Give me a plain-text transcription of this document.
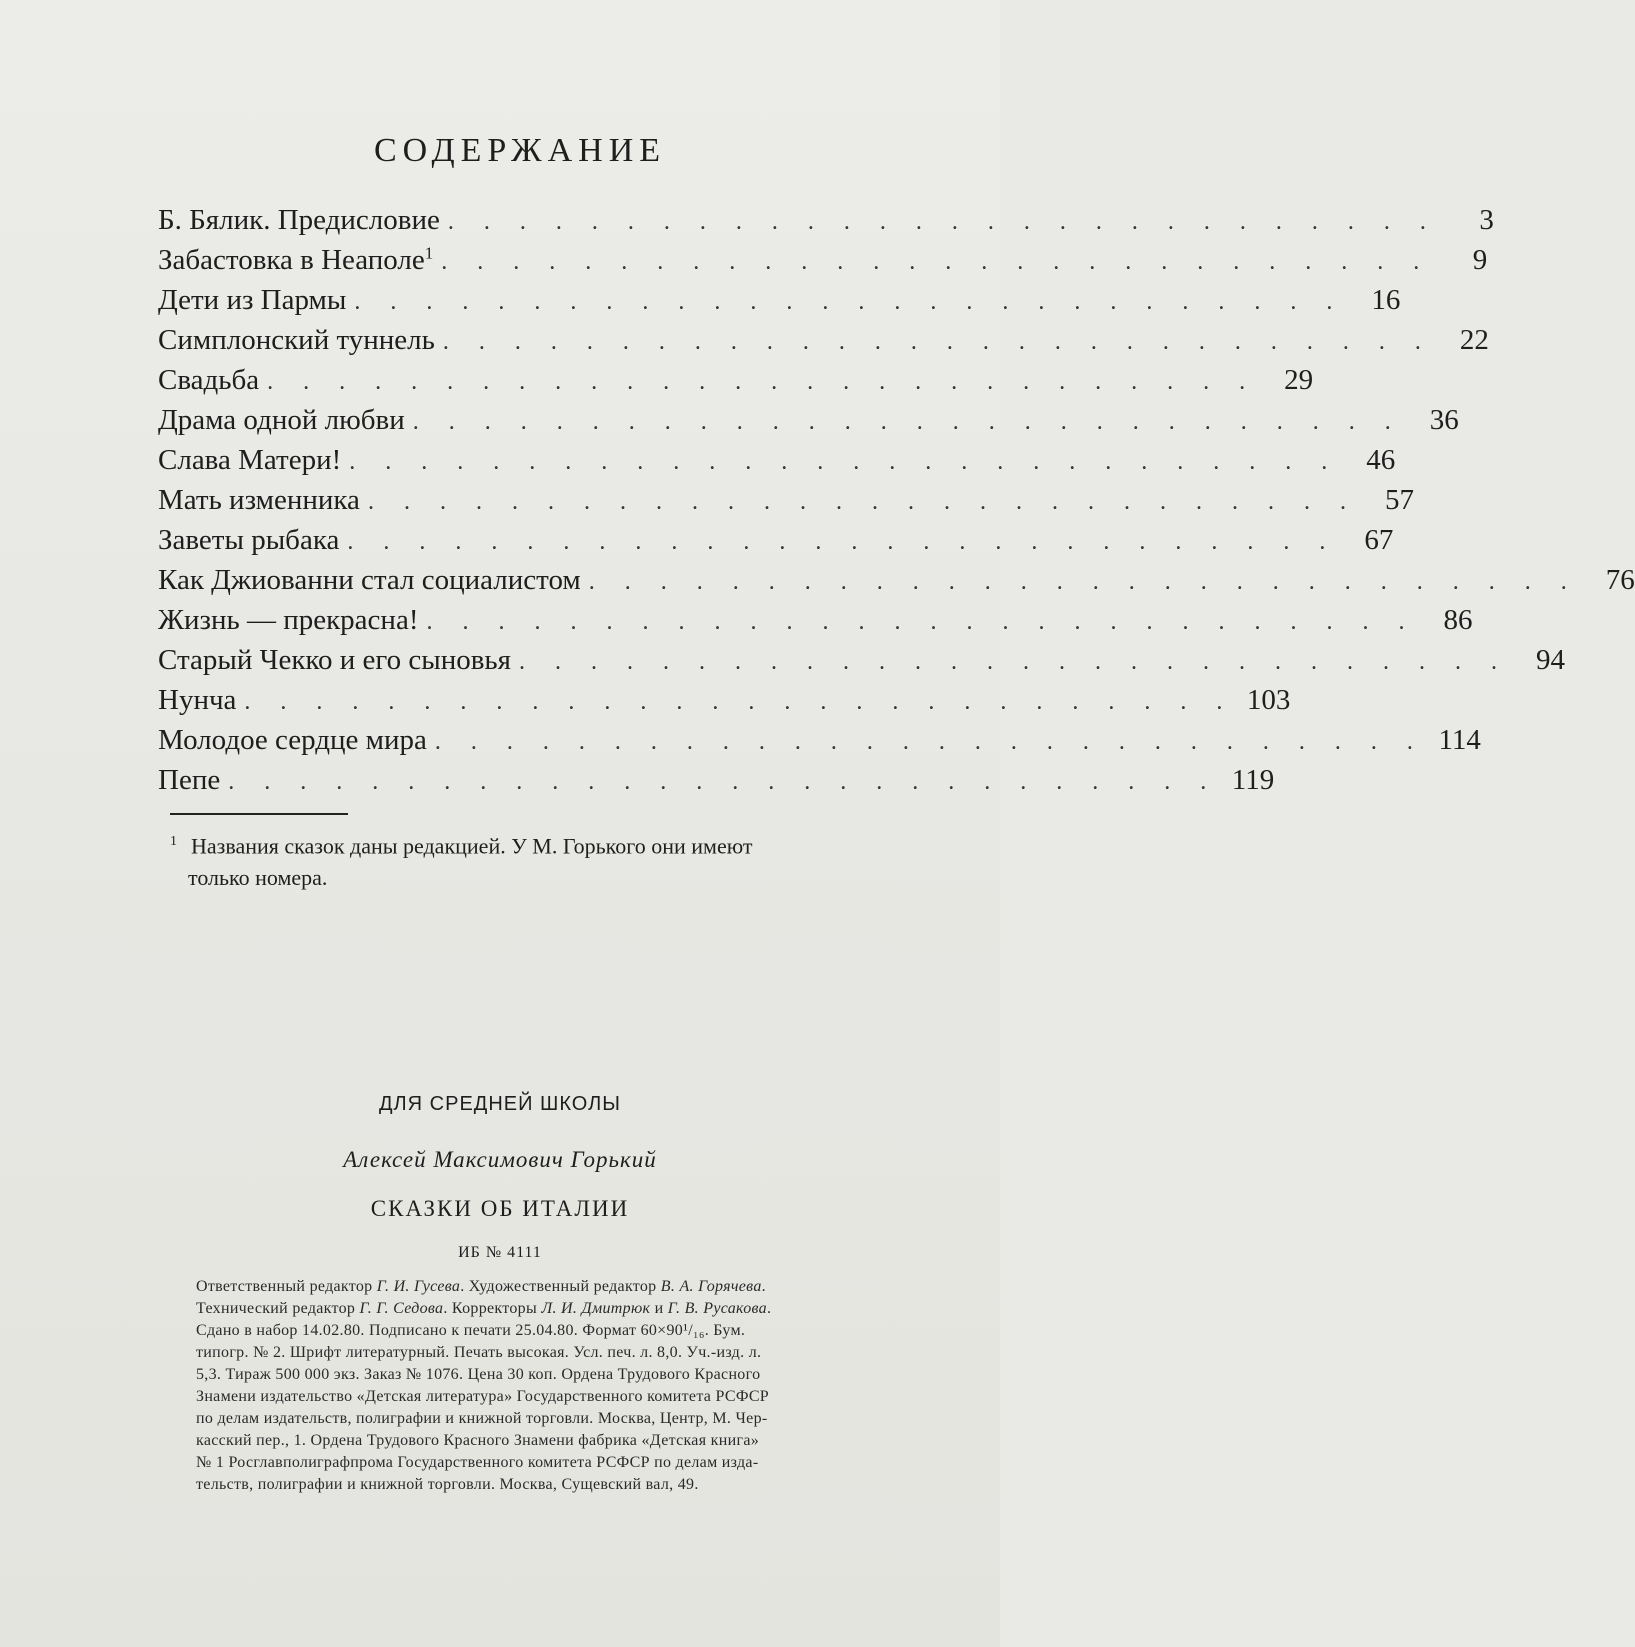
СОДЕРЖАНИЕ
Б. Бялик. Предисловие . . . . . . . . . . . . . . . . . . . . . . . . . . . .	3
Забастовка в Неаполе$^1$ . . . . . . . . . . . . . . . . . . . . . . . . . . . .	9
Дети из Пармы . . . . . . . . . . . . . . . . . . . . . . . . . . . . 16
Симплонский туннель . . . . . . . . . . . . . . . . . . . . . . . . . . . . 22
Свадьба . . . . . . . . . . . . . . . . . . . . . . . . . . . . 29
Драма одной любви . . . . . . . . . . . . . . . . . . . . . . . . . . . . 36
Слава Матери! . . . . . . . . . . . . . . . . . . . . . . . . . . . . 46
Мать изменника . . . . . . . . . . . . . . . . . . . . . . . . . . . . 57
Заветы рыбака . . . . . . . . . . . . . . . . . . . . . . . . . . . . 67
Как Джиованни стал социалистом . . . . . . . . . . . . . . . . . . . . . . . . . . . . 76
Жизнь — прекрасна! . . . . . . . . . . . . . . . . . . . . . . . . . . . . 86
Старый Чекко и его сыновья . . . . . . . . . . . . . . . . . . . . . . . . . . . . 94
Нунча . . . . . . . . . . . . . . . . . . . . . . . . . . . . 103
Молодое сердце мира . . . . . . . . . . . . . . . . . . . . . . . . . . . . 114
Пепе . . . . . . . . . . . . . . . . . . . . . . . . . . . . 119

$^1$ Названия сказок даны редакцией. У М. Горького они имеют
только номера.

ДЛЯ СРЕДНЕЙ ШКОЛЫ

Алексей Максимович Горький

СКАЗКИ ОБ ИТАЛИИ

ИБ № 4111

Ответственный редактор Г. И. Гусева. Художественный редактор В. А. Горячева.
Технический редактор Г. Г. Седова. Корректоры Л. И. Дмитрюк и Г. В. Русакова.
Сдано в набор 14.02.80. Подписано к печати 25.04.80. Формат 60×90¹/₁₆. Бум.
типогр. № 2. Шрифт литературный. Печать высокая. Усл. печ. л. 8,0. Уч.-изд. л.
5,3. Тираж 500 000 экз. Заказ № 1076. Цена 30 коп. Ордена Трудового Красного
Знамени издательство «Детская литература» Государственного комитета РСФСР
по делам издательств, полиграфии и книжной торговли. Москва, Центр, М. Чер-
касский пер., 1. Ордена Трудового Красного Знамени фабрика «Детская книга»
№ 1 Росглавполиграфпрома Государственного комитета РСФСР по делам изда-
тельств, полиграфии и книжной торговли. Москва, Сущевский вал, 49.
